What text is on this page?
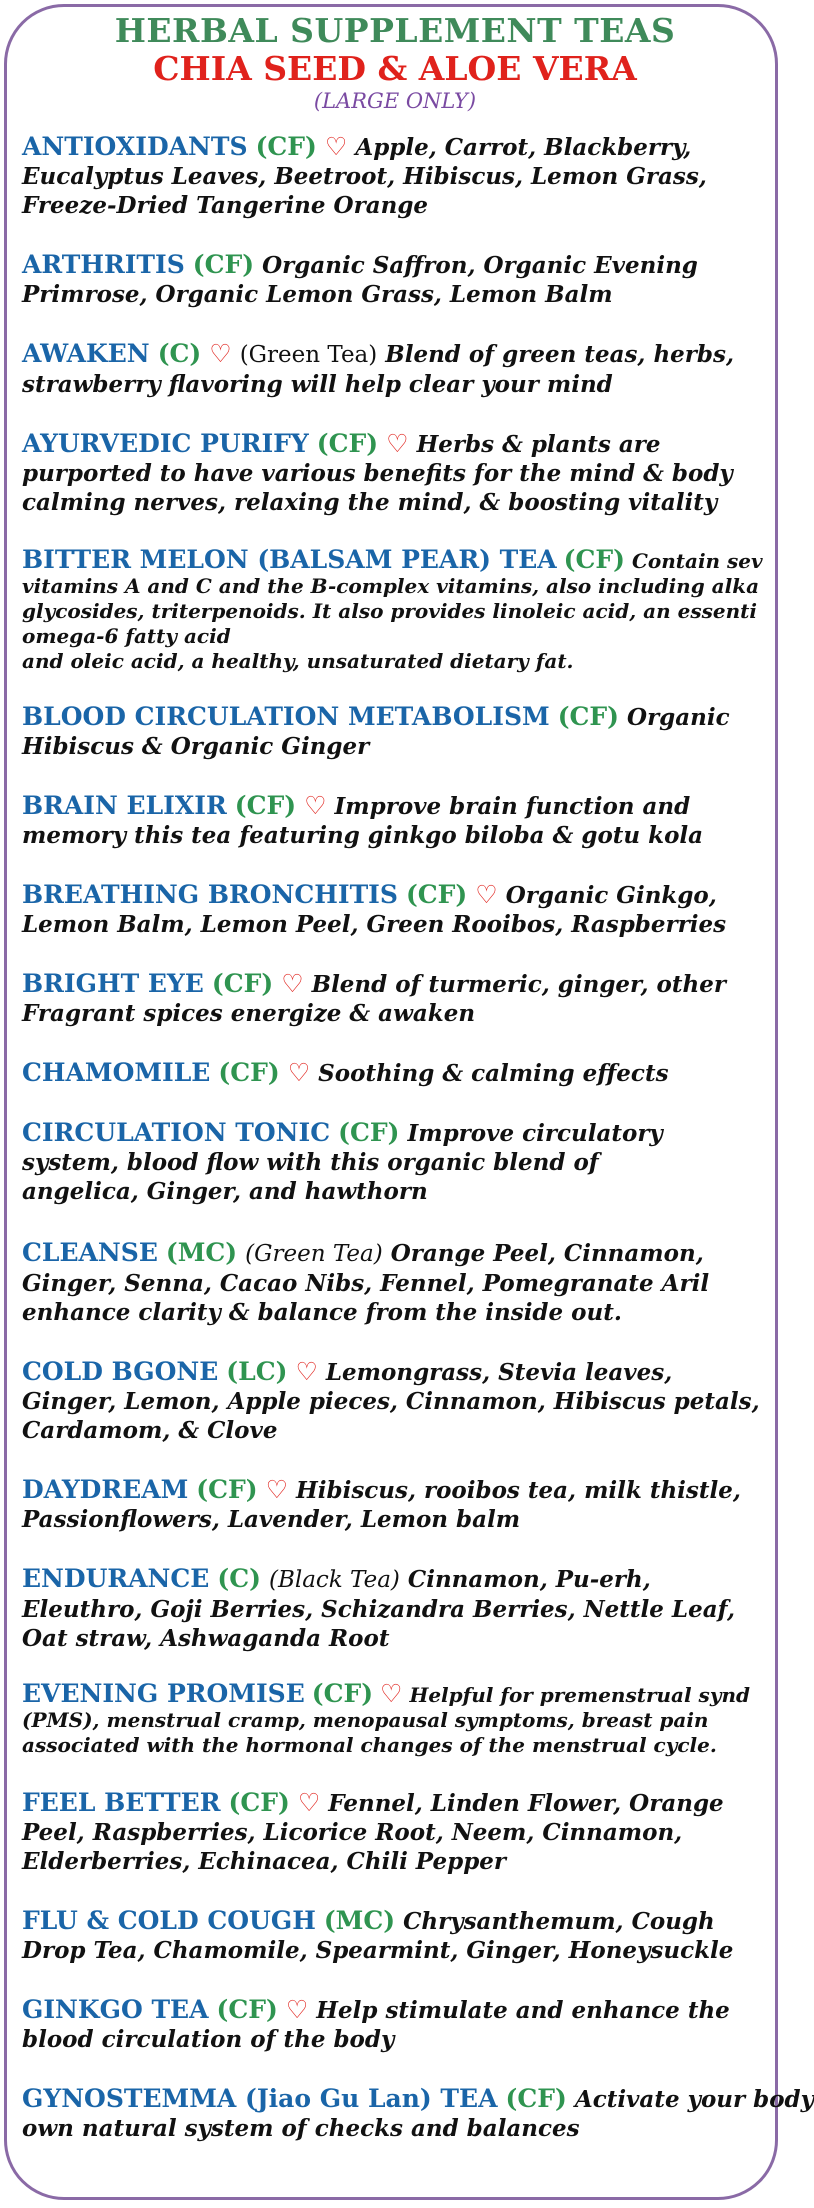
HERBAL SUPPLEMENT TEAS
CHIA SEED & ALOE VERA
(LARGE ONLY)
ANTIOXIDANTS (CF) ♡ Apple, Carrot, Blackberry,
Eucalyptus Leaves, Beetroot, Hibiscus, Lemon Grass,
Freeze-Dried Tangerine Orange
ARTHRITIS (CF) Organic Saffron, Organic Evening
Primrose, Organic Lemon Grass, Lemon Balm
AWAKEN (C) ♡ (Green Tea) Blend of green teas, herbs,
strawberry flavoring will help clear your mind
AYURVEDIC PURIFY (CF) ♡ Herbs & plants are
purported to have various benefits for the mind & body
calming nerves, relaxing the mind, & boosting vitality
BITTER MELON (BALSAM PEAR) TEA (CF) Contain sev
vitamins A and C and the B-complex vitamins, also including alka
glycosides, triterpenoids. It also provides linoleic acid, an essenti
omega-6 fatty acid
and oleic acid, a healthy, unsaturated dietary fat.
BLOOD CIRCULATION METABOLISM (CF) Organic
Hibiscus & Organic Ginger
BRAIN ELIXIR (CF) ♡ Improve brain function and
memory this tea featuring ginkgo biloba & gotu kola
BREATHING BRONCHITIS (CF) ♡ Organic Ginkgo,
Lemon Balm, Lemon Peel, Green Rooibos, Raspberries
BRIGHT EYE (CF) ♡ Blend of turmeric, ginger, other
Fragrant spices energize & awaken
CHAMOMILE (CF) ♡ Soothing & calming effects
CIRCULATION TONIC (CF) Improve circulatory
system, blood flow with this organic blend of
angelica, Ginger, and hawthorn
CLEANSE (MC) (Green Tea) Orange Peel, Cinnamon,
Ginger, Senna, Cacao Nibs, Fennel, Pomegranate Aril
enhance clarity & balance from the inside out.
COLD BGONE (LC) ♡ Lemongrass, Stevia leaves,
Ginger, Lemon, Apple pieces, Cinnamon, Hibiscus petals,
Cardamom, & Clove
DAYDREAM (CF) ♡ Hibiscus, rooibos tea, milk thistle,
Passionflowers, Lavender, Lemon balm
ENDURANCE (C) (Black Tea) Cinnamon, Pu-erh,
Eleuthro, Goji Berries, Schizandra Berries, Nettle Leaf,
Oat straw, Ashwaganda Root
EVENING PROMISE (CF) ♡ Helpful for premenstrual synd
(PMS), menstrual cramp, menopausal symptoms, breast pain
associated with the hormonal changes of the menstrual cycle.
FEEL BETTER (CF) ♡ Fennel, Linden Flower, Orange
Peel, Raspberries, Licorice Root, Neem, Cinnamon,
Elderberries, Echinacea, Chili Pepper
FLU & COLD COUGH (MC) Chrysanthemum, Cough
Drop Tea, Chamomile, Spearmint, Ginger, Honeysuckle
GINKGO TEA (CF) ♡ Help stimulate and enhance the
blood circulation of the body
GYNOSTEMMA (Jiao Gu Lan) TEA (CF) Activate your body
own natural system of checks and balances
